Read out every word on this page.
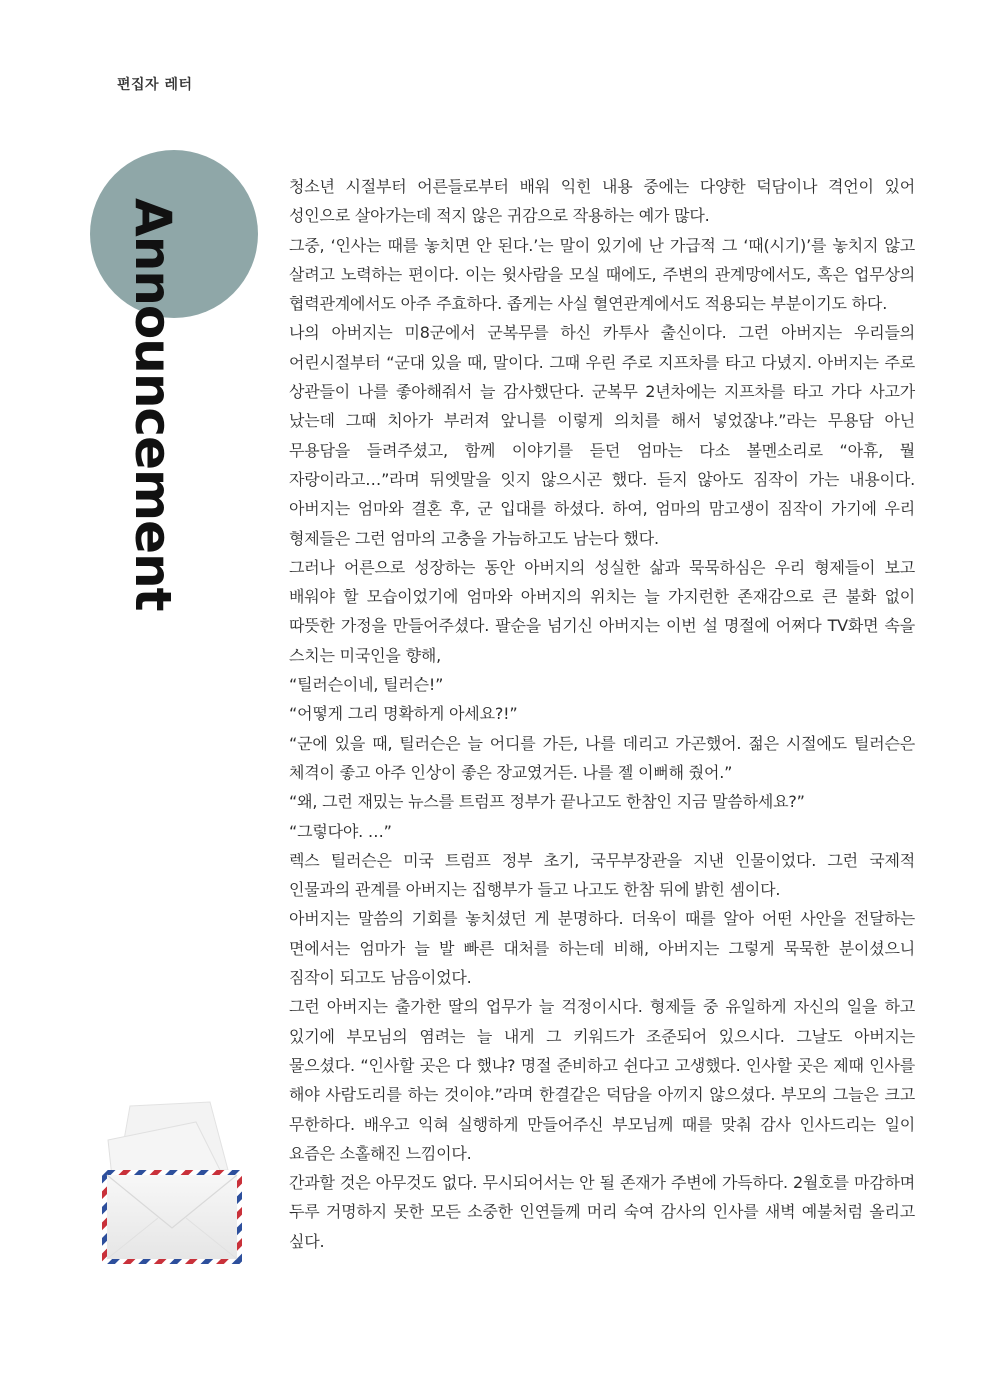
편집자 레터
Announcement

청소년 시절부터 어른들로부터 배워 익힌 내용 중에는 다양한 덕담이나 격언이 있어 성인으로 살아가는데 적지 않은 귀감으로 작용하는 예가 많다.

그중, ‘인사는 때를 놓치면 안 된다.’는 말이 있기에 난 가급적 그 ‘때(시기)’를 놓치지 않고 살려고 노력하는 편이다. 이는 윗사람을 모실 때에도, 주변의 관계망에서도, 혹은 업무상의 협력관계에서도 아주 주효하다. 좁게는 사실 혈연관계에서도 적용되는 부분이기도 하다.

나의 아버지는 미8군에서 군복무를 하신 카투사 출신이다. 그런 아버지는 우리들의 어린시절부터 “군대 있을 때, 말이다. 그때 우린 주로 지프차를 타고 다녔지. 아버지는 주로 상관들이 나를 좋아해줘서 늘 감사했단다. 군복무 2년차에는 지프차를 타고 가다 사고가 났는데 그때 치아가 부러져 앞니를 이렇게 의치를 해서 넣었잖냐.”라는 무용담 아닌 무용담을 들려주셨고, 함께 이야기를 듣던 엄마는 다소 볼멘소리로 “아휴, 뭘 자랑이라고…”라며 뒤엣말을 잇지 않으시곤 했다. 듣지 않아도 짐작이 가는 내용이다. 아버지는 엄마와 결혼 후, 군 입대를 하셨다. 하여, 엄마의 맘고생이 짐작이 가기에 우리 형제들은 그런 엄마의 고충을 가늠하고도 남는다 했다.

그러나 어른으로 성장하는 동안 아버지의 성실한 삶과 묵묵하심은 우리 형제들이 보고 배워야 할 모습이었기에 엄마와 아버지의 위치는 늘 가지런한 존재감으로 큰 불화 없이 따뜻한 가정을 만들어주셨다. 팔순을 넘기신 아버지는 이번 설 명절에 어쩌다 TV화면 속을 스치는 미국인을 향해,

“틸러슨이네, 틸러슨!”

“어떻게 그리 명확하게 아세요?!”

“군에 있을 때, 틸러슨은 늘 어디를 가든, 나를 데리고 가곤했어. 젊은 시절에도 틸러슨은 체격이 좋고 아주 인상이 좋은 장교였거든. 나를 젤 이뻐해 줬어.”

“왜, 그런 재밌는 뉴스를 트럼프 정부가 끝나고도 한참인 지금 말씀하세요?”

“그렇다야. …”

렉스 틸러슨은 미국 트럼프 정부 초기, 국무부장관을 지낸 인물이었다. 그런 국제적 인물과의 관계를 아버지는 집행부가 들고 나고도 한참 뒤에 밝힌 셈이다.

아버지는 말씀의 기회를 놓치셨던 게 분명하다. 더욱이 때를 알아 어떤 사안을 전달하는 면에서는 엄마가 늘 발 빠른 대처를 하는데 비해, 아버지는 그렇게 묵묵한 분이셨으니 짐작이 되고도 남음이었다.

그런 아버지는 출가한 딸의 업무가 늘 걱정이시다. 형제들 중 유일하게 자신의 일을 하고 있기에 부모님의 염려는 늘 내게 그 키워드가 조준되어 있으시다. 그날도 아버지는 물으셨다. “인사할 곳은 다 했냐? 명절 준비하고 쉰다고 고생했다. 인사할 곳은 제때 인사를 해야 사람도리를 하는 것이야.”라며 한결같은 덕담을 아끼지 않으셨다. 부모의 그늘은 크고 무한하다. 배우고 익혀 실행하게 만들어주신 부모님께 때를 맞춰 감사 인사드리는 일이 요즘은 소홀해진 느낌이다.

간과할 것은 아무것도 없다. 무시되어서는 안 될 존재가 주변에 가득하다. 2월호를 마감하며 두루 거명하지 못한 모든 소중한 인연들께 머리 숙여 감사의 인사를 새벽 예불처럼 올리고 싶다.
